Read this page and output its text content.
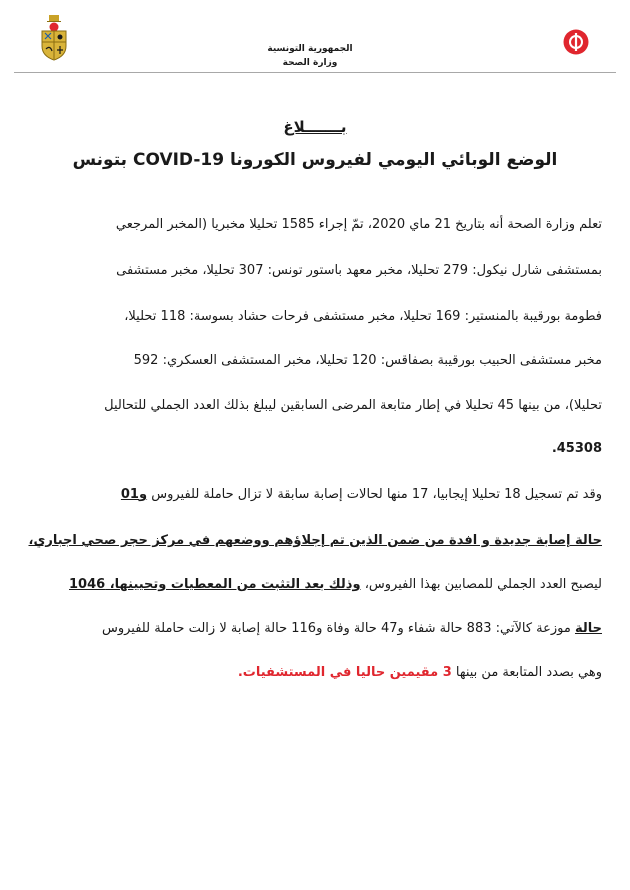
الجمهورية التونسية
وزارة الصحة
بـــــــلاغ
الوضع الوبائي اليومي لفيروس الكورونا COVID-19 بتونس
تعلم وزارة الصحة أنه بتاريخ 21 ماي 2020، تمّ إجراء 1585 تحليلا مخبريا (المخبر المرجعي
بمستشفى شارل نيكول: 279 تحليلا، مخبر معهد باستور تونس: 307 تحليلا، مخبر مستشفى
فطومة بورقيبة بالمنستير: 169 تحليلا، مخبر مستشفى فرحات حشاد بسوسة: 118 تحليلا،
مخبر مستشفى الحبيب بورقيبة بصفاقس: 120 تحليلا، مخبر المستشفى العسكري: 592
تحليلا)، من بينها 45 تحليلا في إطار متابعة المرضى السابقين ليبلغ بذلك العدد الجملي للتحاليل
45308.
وقد تم تسجيل 18 تحليلا إيجابيا، 17 منها لحالات إصابة سابقة لا تزال حاملة للفيروس و01
حالة إصابة جديدة و افدة من ضمن الذين تم إجلاؤهم ووضعهم في مركز حجر صحي اجباري،
ليصبح العدد الجملي للمصابين بهذا الفيروس، وذلك بعد التثبت من المعطيات وتحيينها، 1046
حالة موزعة كالآتي: 883 حالة شفاء و47 حالة وفاة و116 حالة إصابة لا زالت حاملة للفيروس
وهي بصدد المتابعة من بينها 3 مقيمين حاليا في المستشفيات.
